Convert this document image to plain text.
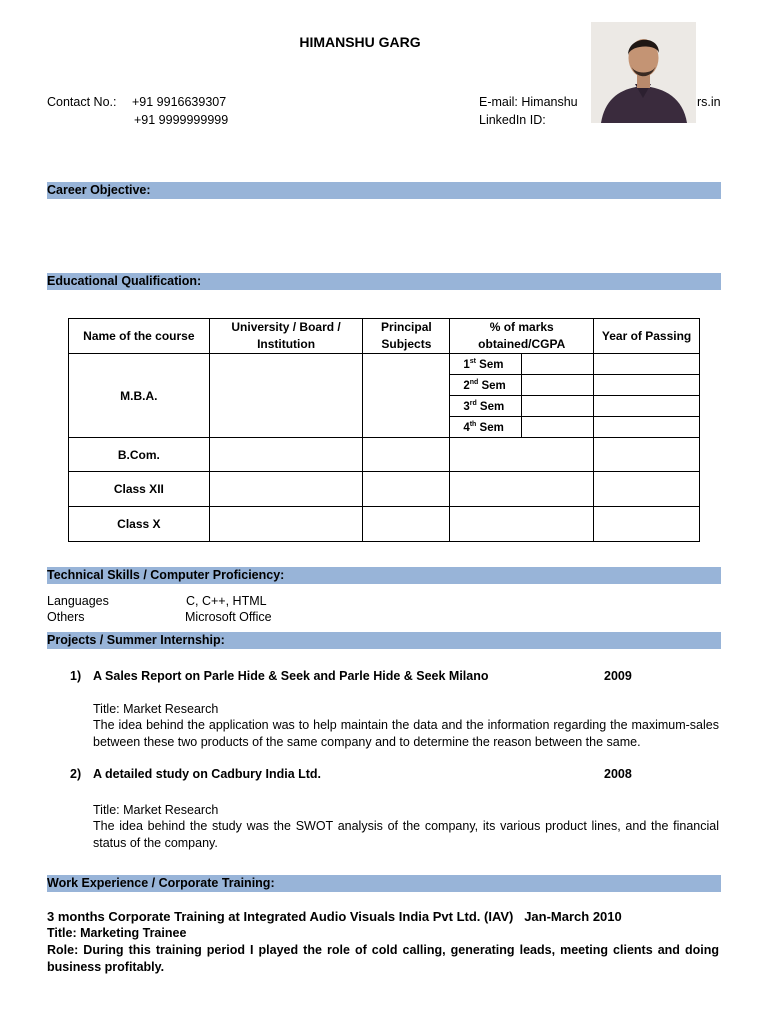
HIMANSHU GARG
Contact No.: +91 9916639307
+91 9999999999
E-mail: Himanshu	rs.in
LinkedIn ID:
Career Objective:
Educational Qualification:
Name of the course	University / Board / Institution	Principal Subjects	% of marks obtained/CGPA		Year of Passing
M.B.A.			1st Sem		
			2nd Sem		
			3rd Sem		
			4th Sem		
B.Com.					
Class XII					
Class X					
Technical Skills / Computer Proficiency:
Languages	C, C++, HTML
Others	Microsoft Office
Projects / Summer Internship:
1) A Sales Report on Parle Hide & Seek and Parle Hide & Seek Milano	2009
Title: Market Research
The idea behind the application was to help maintain the data and the information regarding the maximum-sales between these two products of the same company and to determine the reason between the same.
2) A detailed study on Cadbury India Ltd.	2008
Title: Market Research
The idea behind the study was the SWOT analysis of the company, its various product lines, and the financial status of the company.
Work Experience / Corporate Training:
3 months Corporate Training at Integrated Audio Visuals India Pvt Ltd. (IAV)   Jan-March 2010
Title: Marketing Trainee
Role: During this training period I played the role of cold calling, generating leads, meeting clients and doing business profitably.
